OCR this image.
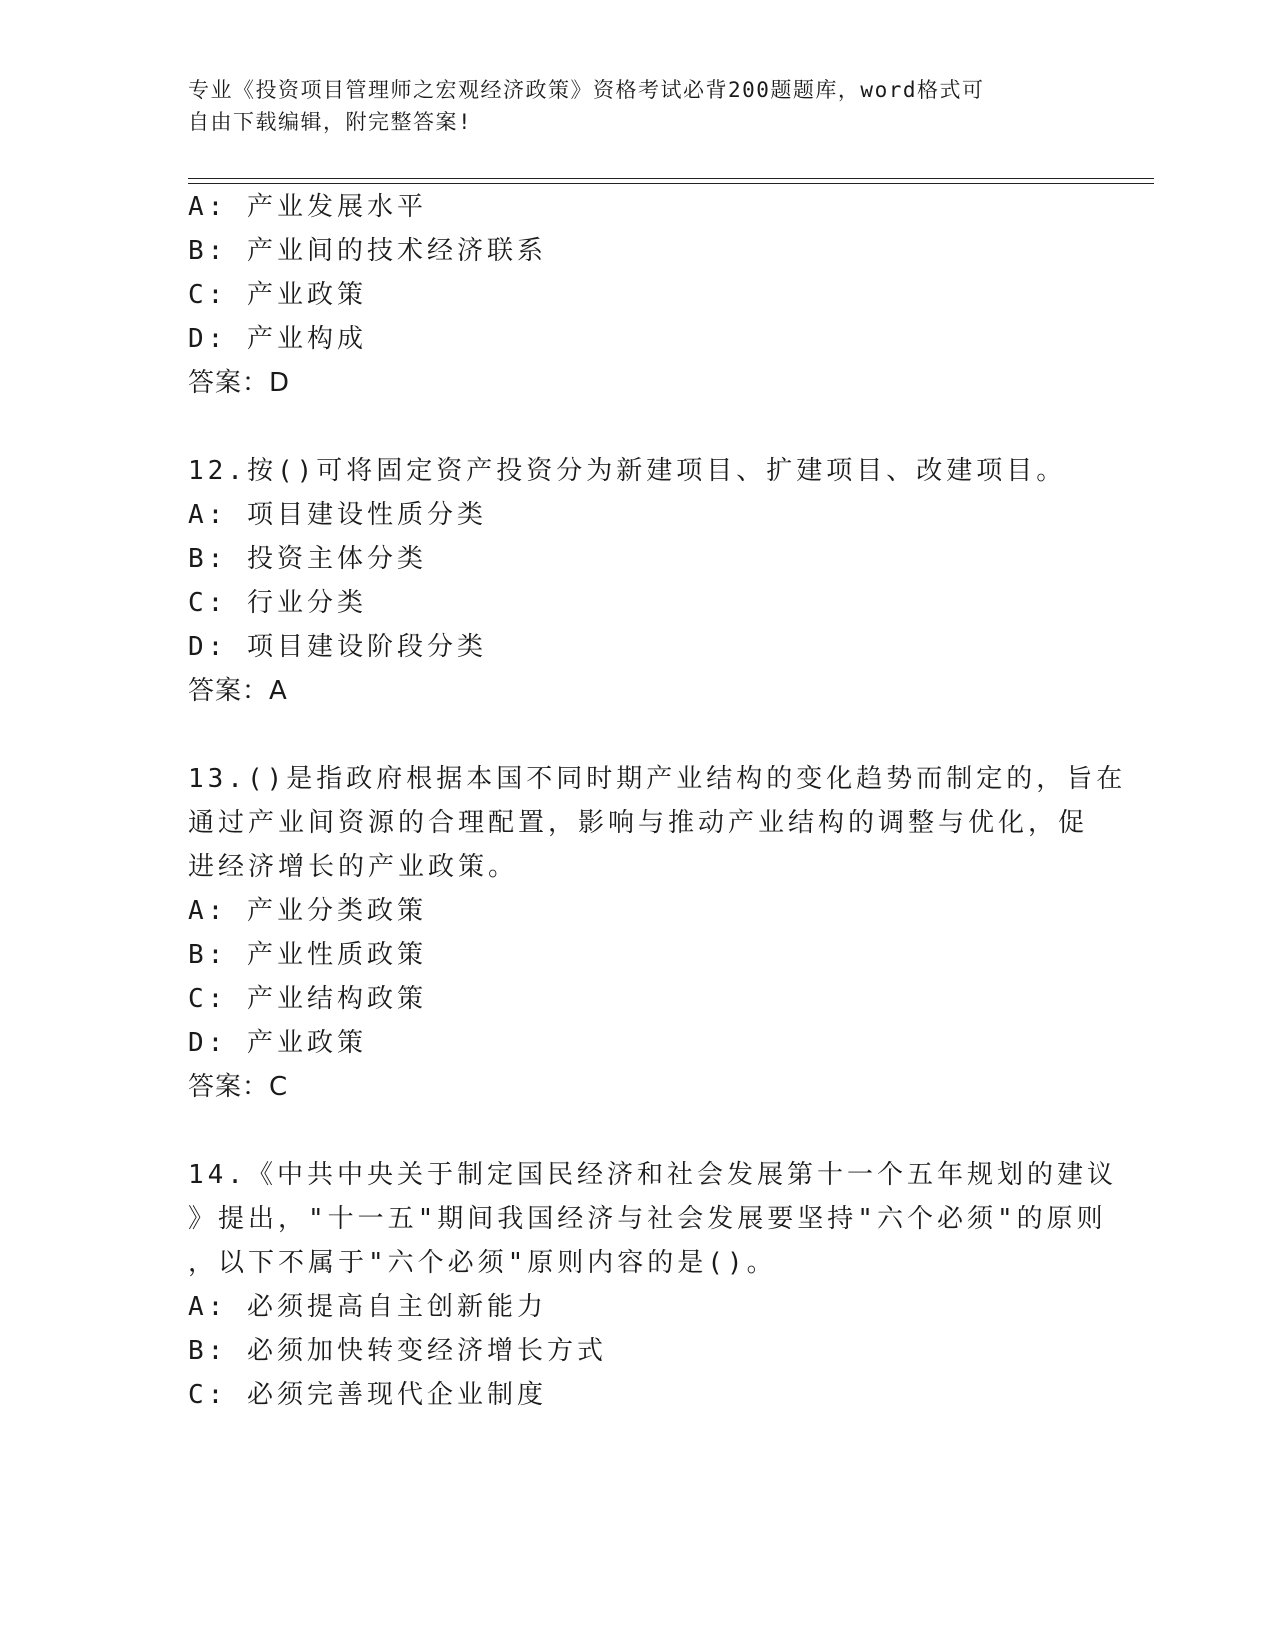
专业《投资项目管理师之宏观经济政策》资格考试必背200题题库，word格式可
自由下载编辑，附完整答案!
A: 产业发展水平
B: 产业间的技术经济联系
C: 产业政策
D: 产业构成
答案：D
12.按()可将固定资产投资分为新建项目、扩建项目、改建项目。
A: 项目建设性质分类
B: 投资主体分类
C: 行业分类
D: 项目建设阶段分类
答案：A
13.()是指政府根据本国不同时期产业结构的变化趋势而制定的，旨在
通过产业间资源的合理配置，影响与推动产业结构的调整与优化，促
进经济增长的产业政策。
A: 产业分类政策
B: 产业性质政策
C: 产业结构政策
D: 产业政策
答案：C
14.《中共中央关于制定国民经济和社会发展第十一个五年规划的建议
》提出，"十一五"期间我国经济与社会发展要坚持"六个必须"的原则
，以下不属于"六个必须"原则内容的是()。
A: 必须提高自主创新能力
B: 必须加快转变经济增长方式
C: 必须完善现代企业制度
